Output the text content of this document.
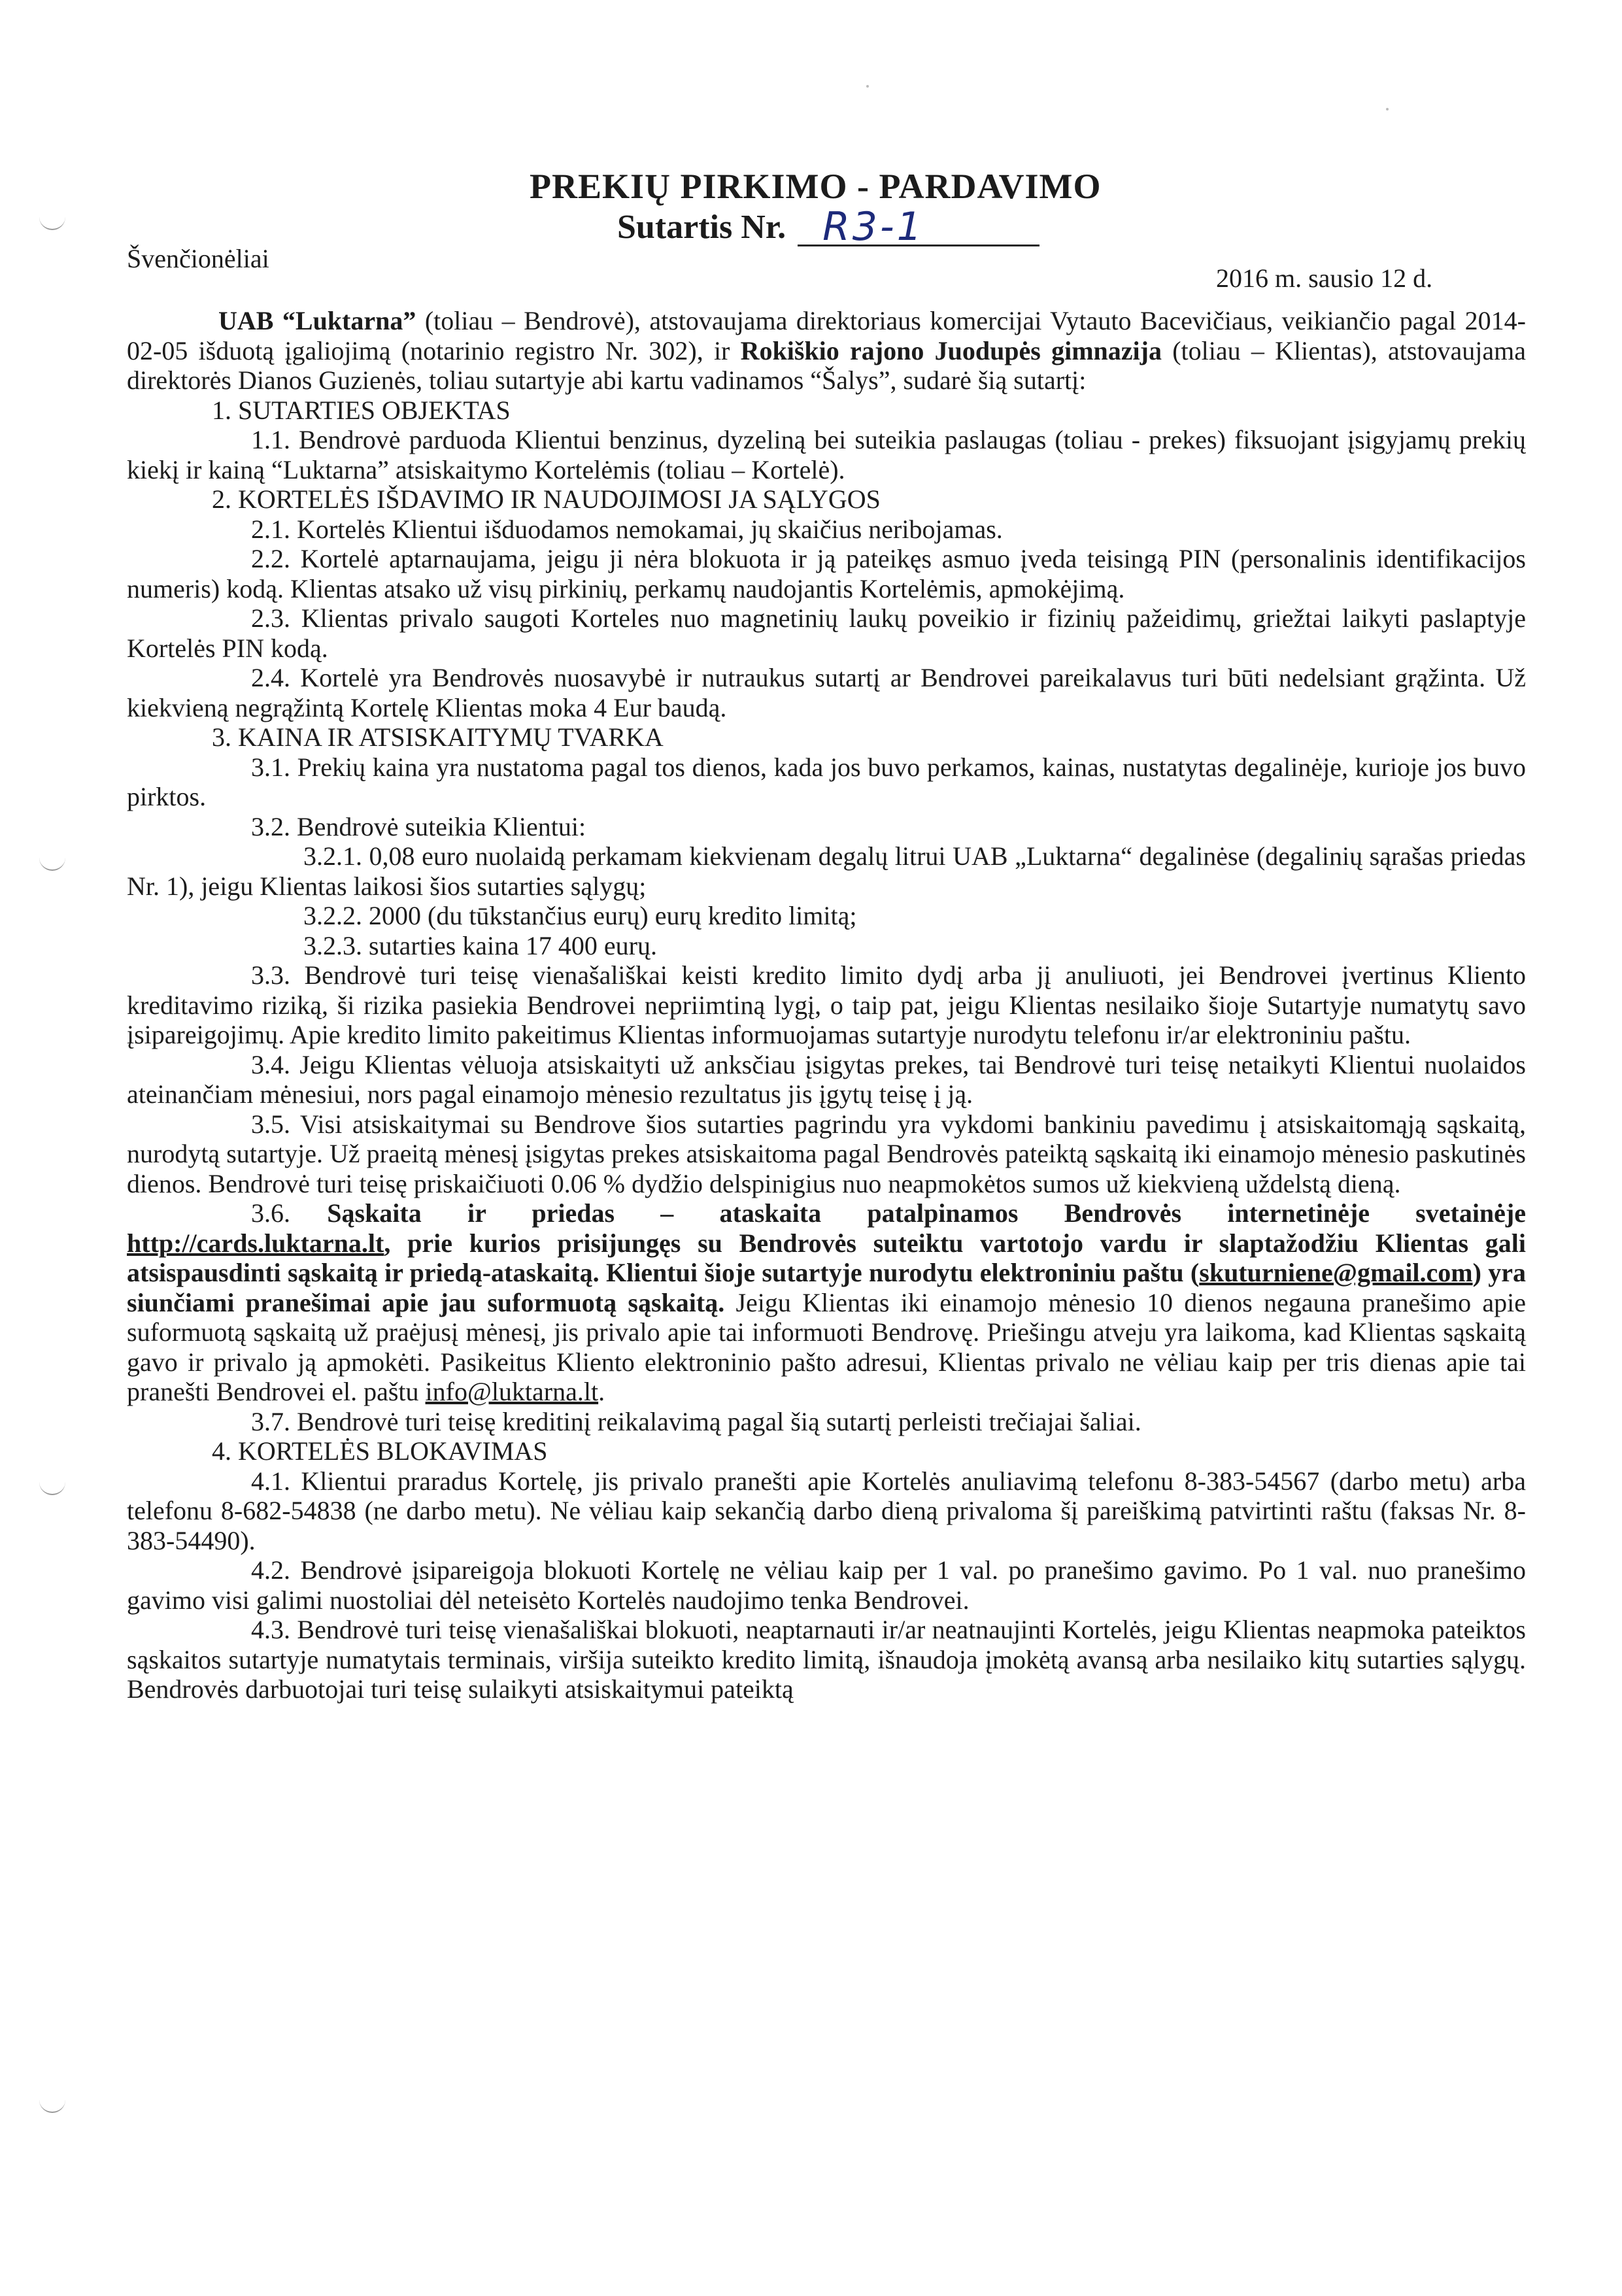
PREKIŲ PIRKIMO - PARDAVIMO
Sutartis Nr. R3-1
Švenčionėliai
2016 m. sausio 12 d.

UAB “Luktarna” (toliau – Bendrovė), atstovaujama direktoriaus komercijai Vytauto Bacevičiaus, veikiančio pagal 2014-02-05 išduotą įgaliojimą (notarinio registro Nr. 302), ir Rokiškio rajono Juodupės gimnazija (toliau – Klientas), atstovaujama direktorės Dianos Guzienės, toliau sutartyje abi kartu vadinamos “Šalys”, sudarė šią sutartį:

1. SUTARTIES OBJEKTAS

1.1. Bendrovė parduoda Klientui benzinus, dyzeliną bei suteikia paslaugas (toliau - prekes) fiksuojant įsigyjamų prekių kiekį ir kainą “Luktarna” atsiskaitymo Kortelėmis (toliau – Kortelė).

2. KORTELĖS IŠDAVIMO IR NAUDOJIMOSI JA SĄLYGOS

2.1. Kortelės Klientui išduodamos nemokamai, jų skaičius neribojamas.

2.2. Kortelė aptarnaujama, jeigu ji nėra blokuota ir ją pateikęs asmuo įveda teisingą PIN (personalinis identifikacijos numeris) kodą. Klientas atsako už visų pirkinių, perkamų naudojantis Kortelėmis, apmokėjimą.

2.3. Klientas privalo saugoti Korteles nuo magnetinių laukų poveikio ir fizinių pažeidimų, griežtai laikyti paslaptyje Kortelės PIN kodą.

2.4. Kortelė yra Bendrovės nuosavybė ir nutraukus sutartį ar Bendrovei pareikalavus turi būti nedelsiant grąžinta. Už kiekvieną negrąžintą Kortelę Klientas moka 4 Eur baudą.

3. KAINA IR ATSISKAITYMŲ TVARKA

3.1. Prekių kaina yra nustatoma pagal tos dienos, kada jos buvo perkamos, kainas, nustatytas degalinėje, kurioje jos buvo pirktos.

3.2. Bendrovė suteikia Klientui:

3.2.1. 0,08 euro nuolaidą perkamam kiekvienam degalų litrui UAB „Luktarna“ degalinėse (degalinių sąrašas priedas Nr. 1), jeigu Klientas laikosi šios sutarties sąlygų;

3.2.2. 2000 (du tūkstančius eurų) eurų kredito limitą;

3.2.3. sutarties kaina 17 400 eurų.

3.3. Bendrovė turi teisę vienašališkai keisti kredito limito dydį arba jį anuliuoti, jei Bendrovei įvertinus Kliento kreditavimo riziką, ši rizika pasiekia Bendrovei nepriimtiną lygį, o taip pat, jeigu Klientas nesilaiko šioje Sutartyje numatytų savo įsipareigojimų. Apie kredito limito pakeitimus Klientas informuojamas sutartyje nurodytu telefonu ir/ar elektroniniu paštu.

3.4. Jeigu Klientas vėluoja atsiskaityti už anksčiau įsigytas prekes, tai Bendrovė turi teisę netaikyti Klientui nuolaidos ateinančiam mėnesiui, nors pagal einamojo mėnesio rezultatus jis įgytų teisę į ją.

3.5. Visi atsiskaitymai su Bendrove šios sutarties pagrindu yra vykdomi bankiniu pavedimu į atsiskaitomąją sąskaitą, nurodytą sutartyje. Už praeitą mėnesį įsigytas prekes atsiskaitoma pagal Bendrovės pateiktą sąskaitą iki einamojo mėnesio paskutinės dienos. Bendrovė turi teisę priskaičiuoti 0.06 % dydžio delspinigius nuo neapmokėtos sumos už kiekvieną uždelstą dieną.

3.6. Sąskaita ir priedas – ataskaita patalpinamos Bendrovės internetinėje svetainėje http://cards.luktarna.lt, prie kurios prisijungęs su Bendrovės suteiktu vartotojo vardu ir slaptažodžiu Klientas gali atsispausdinti sąskaitą ir priedą-ataskaitą. Klientui šioje sutartyje nurodytu elektroniniu paštu (skuturniene@gmail.com) yra siunčiami pranešimai apie jau suformuotą sąskaitą. Jeigu Klientas iki einamojo mėnesio 10 dienos negauna pranešimo apie suformuotą sąskaitą už praėjusį mėnesį, jis privalo apie tai informuoti Bendrovę. Priešingu atveju yra laikoma, kad Klientas sąskaitą gavo ir privalo ją apmokėti. Pasikeitus Kliento elektroninio pašto adresui, Klientas privalo ne vėliau kaip per tris dienas apie tai pranešti Bendrovei el. paštu info@luktarna.lt.

3.7. Bendrovė turi teisę kreditinį reikalavimą pagal šią sutartį perleisti trečiajai šaliai.

4. KORTELĖS BLOKAVIMAS

4.1. Klientui praradus Kortelę, jis privalo pranešti apie Kortelės anuliavimą telefonu 8-383-54567 (darbo metu) arba telefonu 8-682-54838 (ne darbo metu). Ne vėliau kaip sekančią darbo dieną privaloma šį pareiškimą patvirtinti raštu (faksas Nr. 8-383-54490).

4.2. Bendrovė įsipareigoja blokuoti Kortelę ne vėliau kaip per 1 val. po pranešimo gavimo. Po 1 val. nuo pranešimo gavimo visi galimi nuostoliai dėl neteisėto Kortelės naudojimo tenka Bendrovei.

4.3. Bendrovė turi teisę vienašališkai blokuoti, neaptarnauti ir/ar neatnaujinti Kortelės, jeigu Klientas neapmoka pateiktos sąskaitos sutartyje numatytais terminais, viršija suteikto kredito limitą, išnaudoja įmokėtą avansą arba nesilaiko kitų sutarties sąlygų. Bendrovės darbuotojai turi teisę sulaikyti atsiskaitymui pateiktą
